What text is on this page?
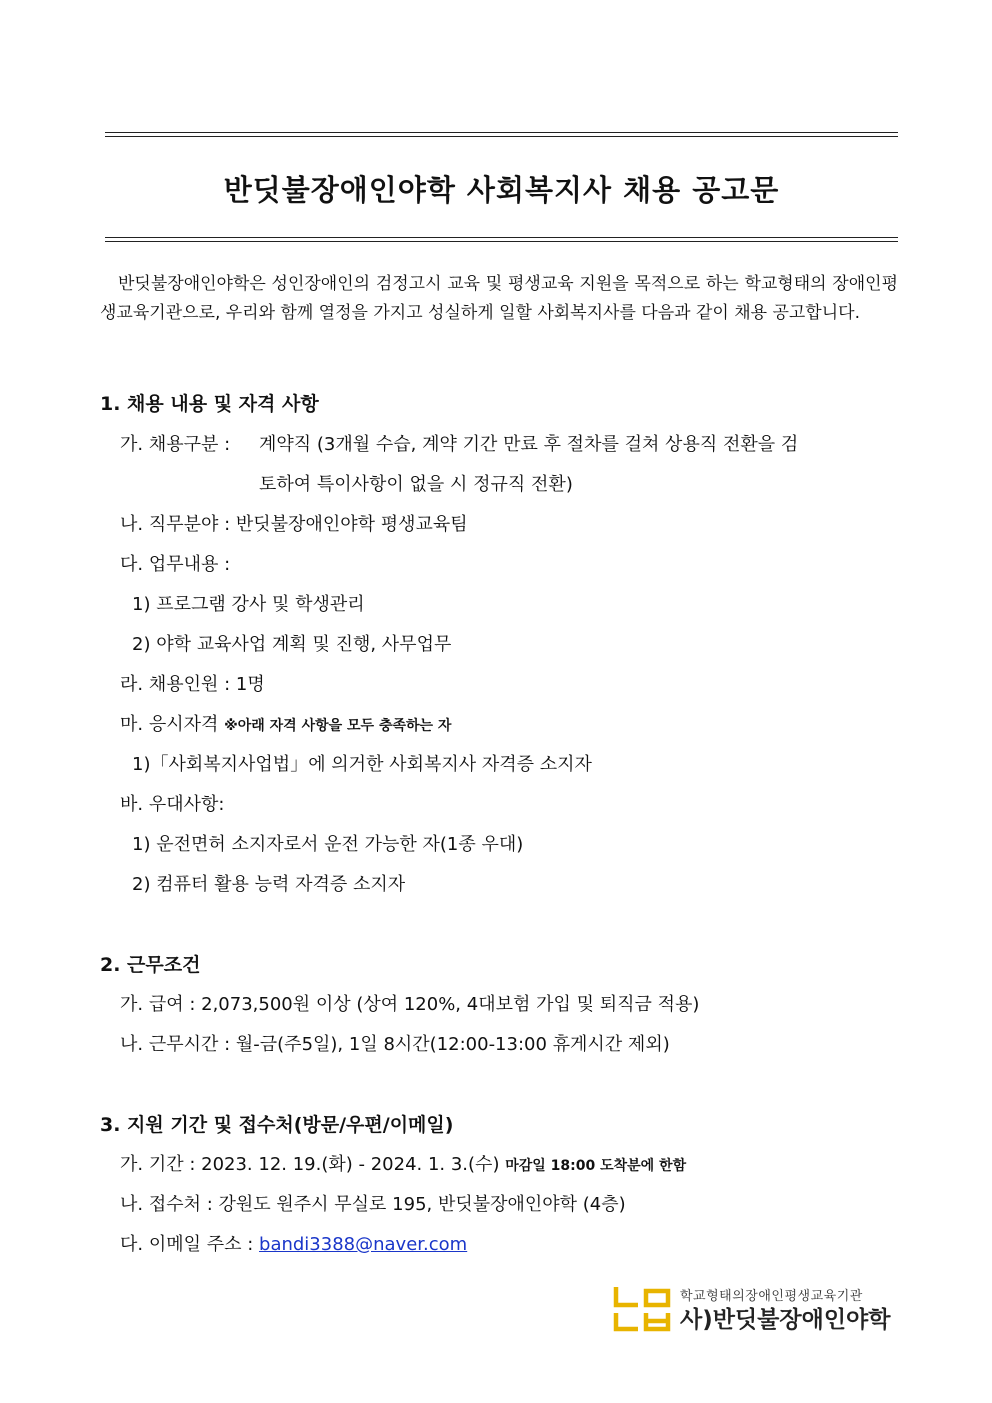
반딧불장애인야학 사회복지사 채용 공고문
반딧불장애인야학은 성인장애인의 검정고시 교육 및 평생교육 지원을 목적으로 하는 학교형태의 장애인평생교육기관으로, 우리와 함께 열정을 가지고 성실하게 일할 사회복지사를 다음과 같이 채용 공고합니다.
1. 채용 내용 및 자격 사항
가. 채용구분 : 계약직 (3개월 수습, 계약 기간 만료 후 절차를 걸쳐 상용직 전환을 검
토하여 특이사항이 없을 시 정규직 전환)
나. 직무분야 : 반딧불장애인야학 평생교육팀
다. 업무내용 :
1) 프로그램 강사 및 학생관리
2) 야학 교육사업 계획 및 진행, 사무업무
라. 채용인원 : 1명
마. 응시자격 ※아래 자격 사항을 모두 충족하는 자
1)「사회복지사업법」에 의거한 사회복지사 자격증 소지자
바. 우대사항:
1) 운전면허 소지자로서 운전 가능한 자(1종 우대)
2) 컴퓨터 활용 능력 자격증 소지자
2. 근무조건
가. 급여 : 2,073,500원 이상 (상여 120%, 4대보험 가입 및 퇴직금 적용)
나. 근무시간 : 월-금(주5일), 1일 8시간(12:00-13:00 휴게시간 제외)
3. 지원 기간 및 접수처(방문/우편/이메일)
가. 기간 : 2023. 12. 19.(화) - 2024. 1. 3.(수) 마감일 18:00 도착분에 한함
나. 접수처 : 강원도 원주시 무실로 195, 반딧불장애인야학 (4층)
다. 이메일 주소 : bandi3388@naver.com
학교형태의장애인평생교육기관
사)반딧불장애인야학
